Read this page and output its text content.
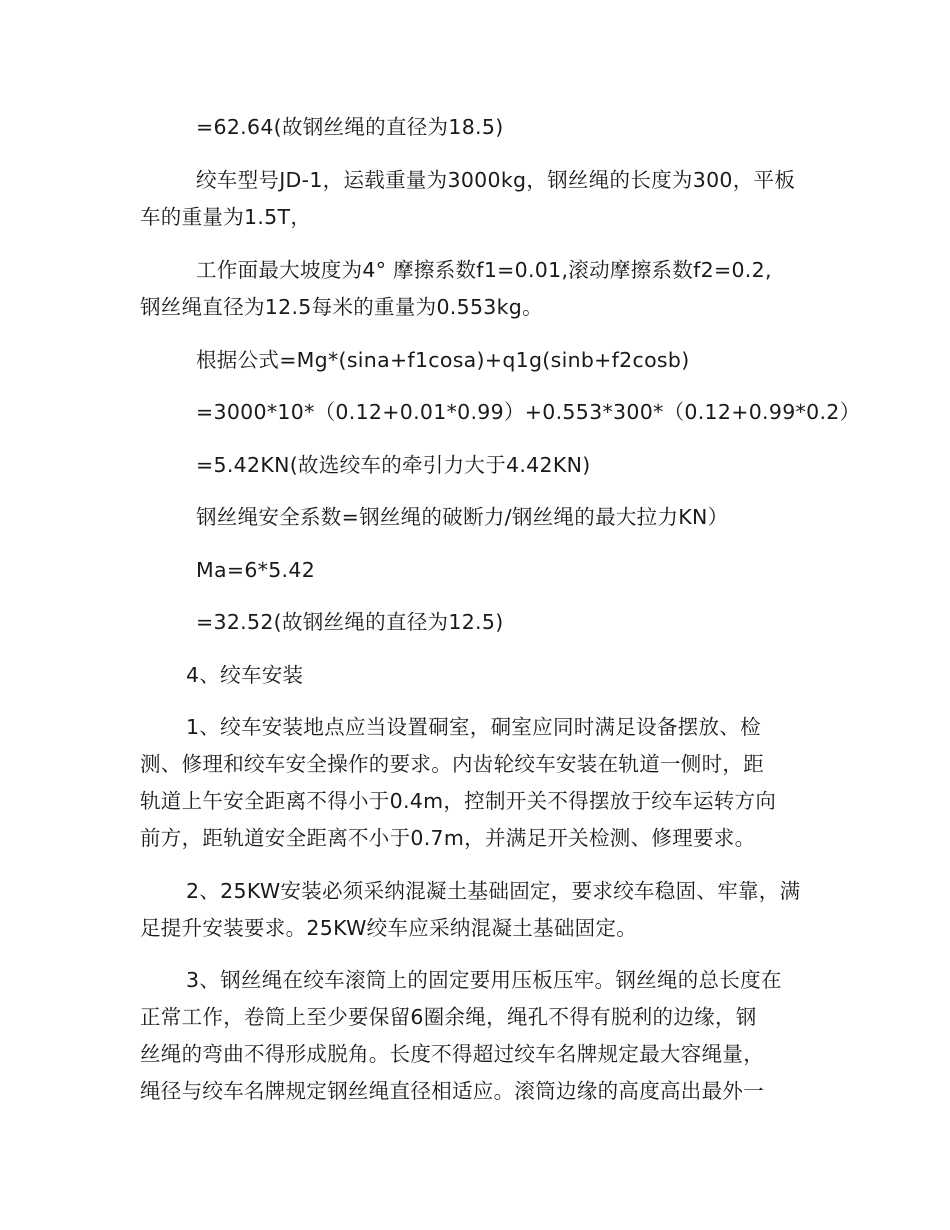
=62.64(故钢丝绳的直径为18.5)
绞车型号JD-1，运载重量为3000kg，钢丝绳的长度为300，平板
车的重量为1.5T，
工作面最大坡度为4° 摩擦系数f1=0.01,滚动摩擦系数f2=0.2,
钢丝绳直径为12.5每米的重量为0.553kg。
根据公式=Mg*(sina+f1cosa)+q1g(sinb+f2cosb)
=3000*10*（0.12+0.01*0.99）+0.553*300*（0.12+0.99*0.2）
=5.42KN(故选绞车的牵引力大于4.42KN)
钢丝绳安全系数=钢丝绳的破断力/钢丝绳的最大拉力KN）
Ma=6*5.42
=32.52(故钢丝绳的直径为12.5)
4、绞车安装
1、绞车安装地点应当设置硐室，硐室应同时满足设备摆放、检
测、修理和绞车安全操作的要求。内齿轮绞车安装在轨道一侧时，距
轨道上午安全距离不得小于0.4m，控制开关不得摆放于绞车运转方向
前方，距轨道安全距离不小于0.7m，并满足开关检测、修理要求。
2、25KW安装必须采纳混凝土基础固定，要求绞车稳固、牢靠，满
足提升安装要求。25KW绞车应采纳混凝土基础固定。
3、钢丝绳在绞车滚筒上的固定要用压板压牢。钢丝绳的总长度在
正常工作，卷筒上至少要保留6圈余绳，绳孔不得有脱利的边缘，钢
丝绳的弯曲不得形成脱角。长度不得超过绞车名牌规定最大容绳量，
绳径与绞车名牌规定钢丝绳直径相适应。滚筒边缘的高度高出最外一
